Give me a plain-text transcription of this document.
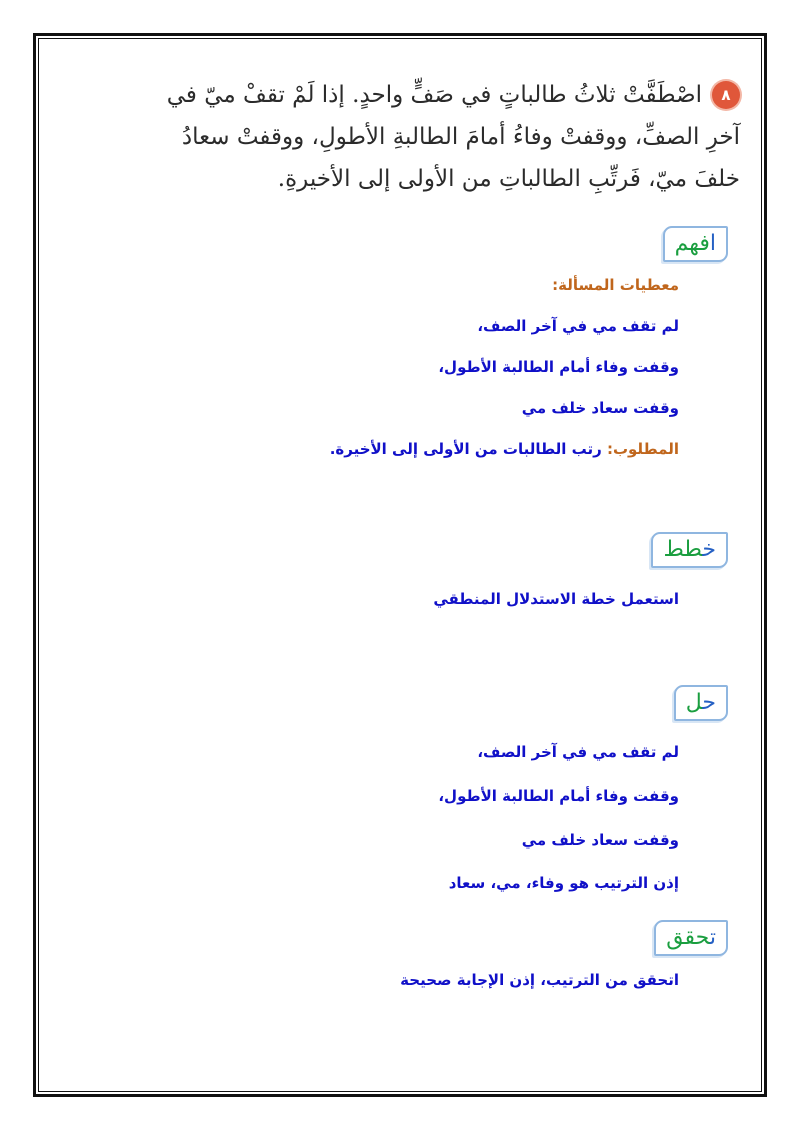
٨اصْطَفَّتْ ثلاثُ طالباتٍ في صَفٍّ واحدٍ. إذا لَمْ تقفْ ميّ في
آخرِ الصفِّ، ووقفتْ وفاءُ أمامَ الطالبةِ الأطولِ، ووقفتْ سعادُ
خلفَ ميّ، فَرتِّبِ الطالباتِ من الأولى إلى الأخيرةِ.
افهم
معطيات المسألة:
لم تقف مي في آخر الصف،
وقفت وفاء أمام الطالبة الأطول،
وقفت سعاد خلف مي
المطلوب: رتب الطالبات من الأولى إلى الأخيرة.
خطط
استعمل خطة الاستدلال المنطقي
حل
لم تقف مي في آخر الصف،
وقفت وفاء أمام الطالبة الأطول،
وقفت سعاد خلف مي
إذن الترتيب هو وفاء، مي، سعاد
تحقق
اتحقق من الترتيب، إذن الإجابة صحيحة
